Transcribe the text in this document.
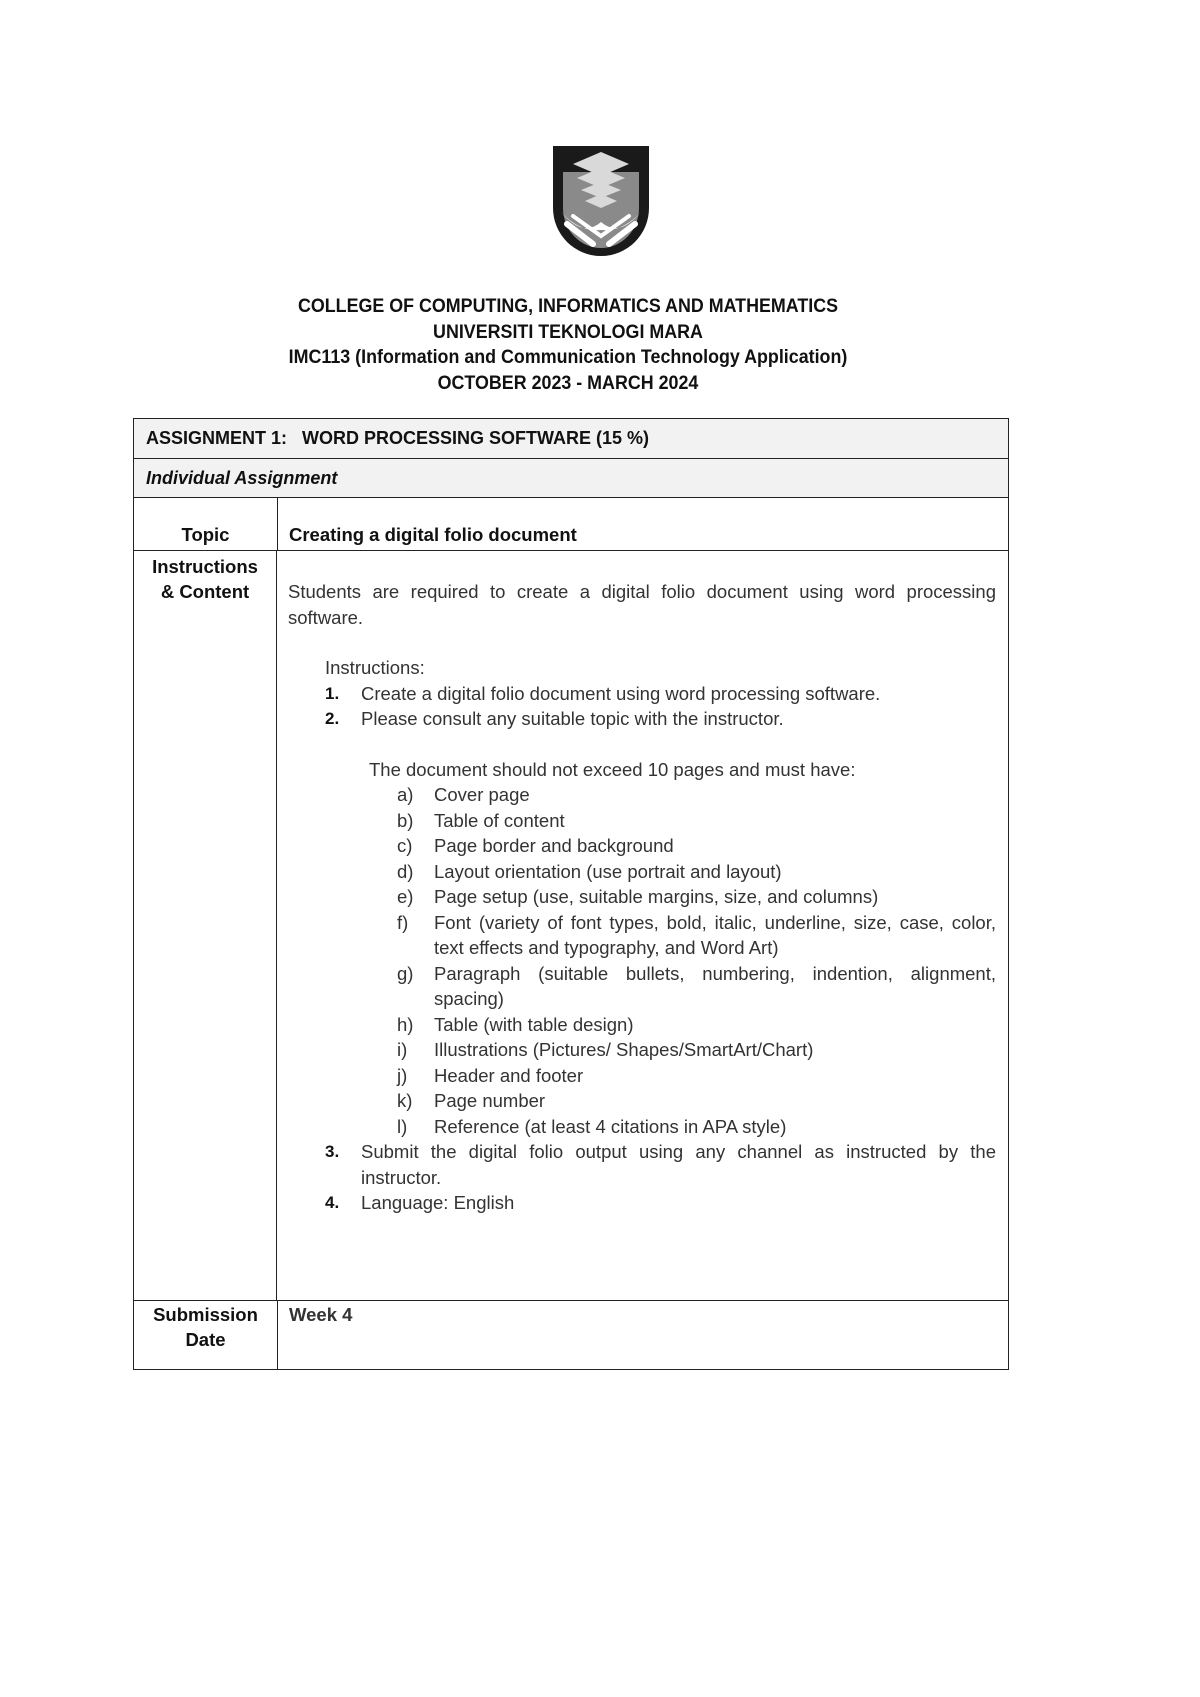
COLLEGE OF COMPUTING, INFORMATICS AND MATHEMATICS
UNIVERSITI TEKNOLOGI MARA
IMC113 (Information and Communication Technology Application)
OCTOBER 2023 - MARCH 2024
ASSIGNMENT 1:   WORD PROCESSING SOFTWARE (15 %)
Individual Assignment
Topic	Creating a digital folio document
Instructions
& Content	Students are required to create a digital folio document using word processing software.
Instructions:
1. Create a digital folio document using word processing software.
2. Please consult any suitable topic with the instructor.
The document should not exceed 10 pages and must have:
a) Cover page
b) Table of content
c) Page border and background
d) Layout orientation (use portrait and layout)
e) Page setup (use, suitable margins, size, and columns)
f) Font (variety of font types, bold, italic, underline, size, case, color, text effects and typography, and Word Art)
g) Paragraph (suitable bullets, numbering, indention, alignment, spacing)
h) Table (with table design)
i) Illustrations (Pictures/ Shapes/SmartArt/Chart)
j) Header and footer
k) Page number
l) Reference (at least 4 citations in APA style)
3. Submit the digital folio output using any channel as instructed by the instructor.
4. Language: English
Submission
Date
Week 4
